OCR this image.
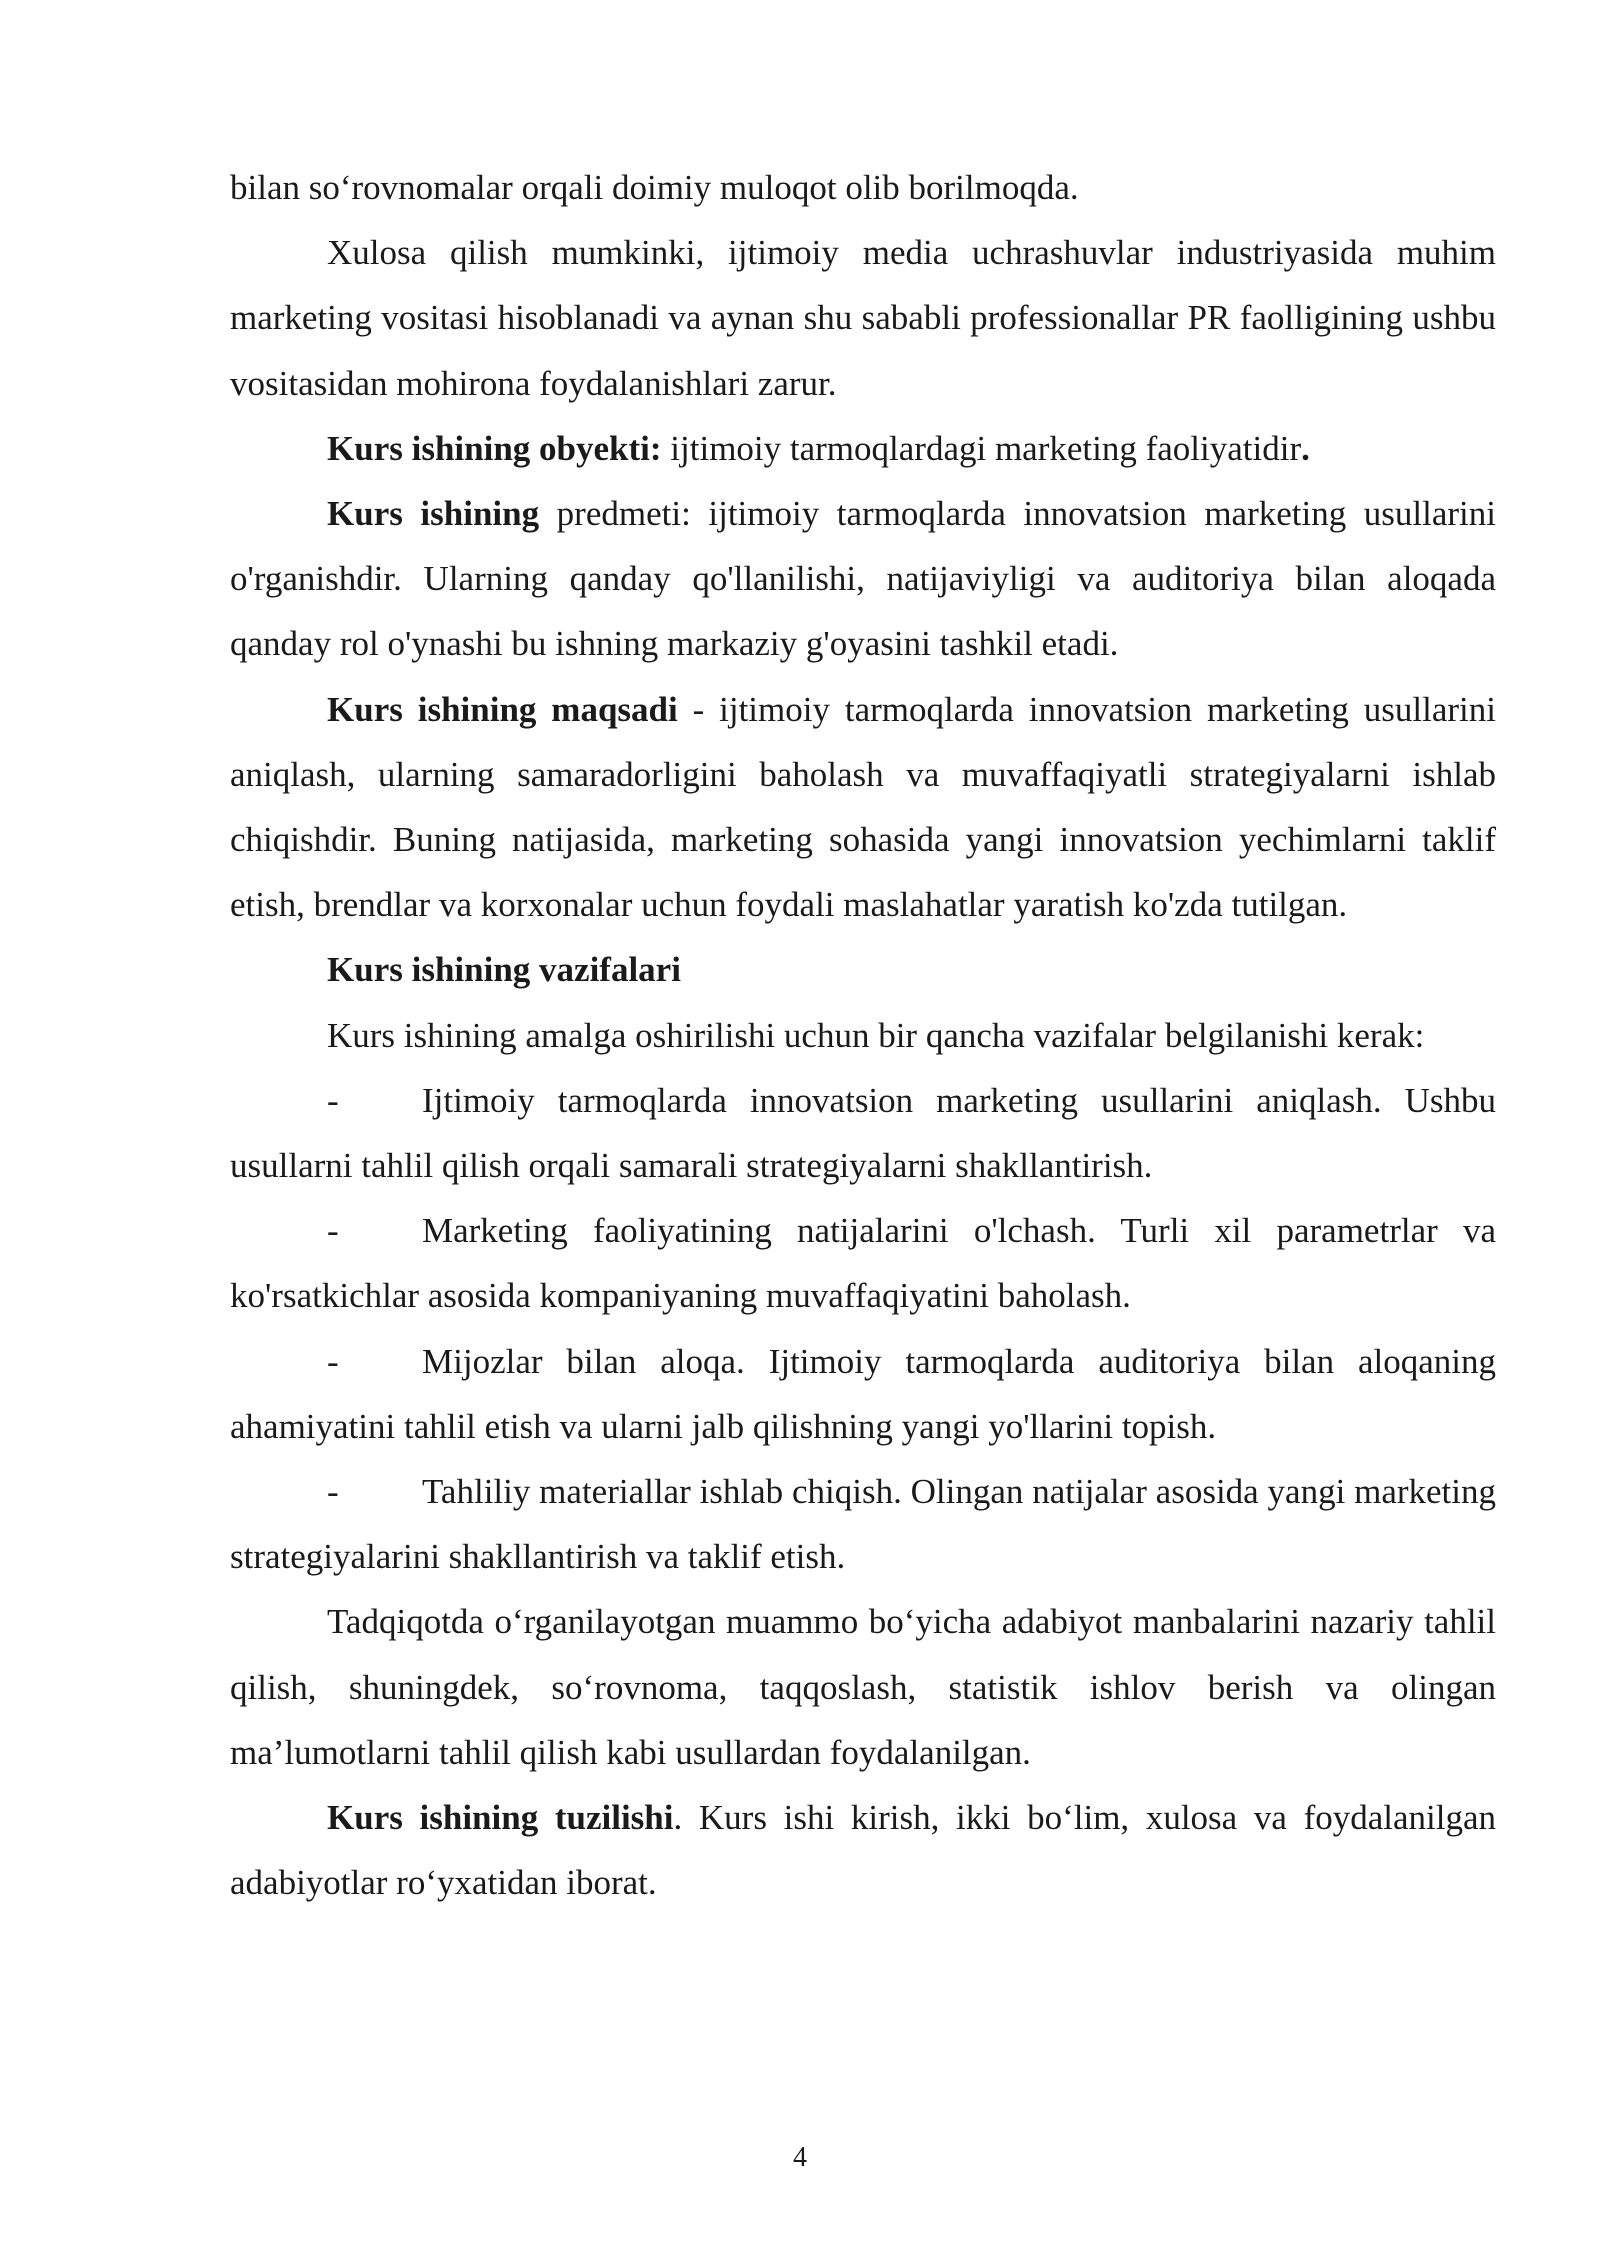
bilan so‘rovnomalar orqali doimiy muloqot olib borilmoqda.

Xulosa qilish mumkinki, ijtimoiy media uchrashuvlar industriyasida muhim marketing vositasi hisoblanadi va aynan shu sababli professionallar PR faolligining ushbu vositasidan mohirona foydalanishlari zarur.

Kurs ishining obyekti: ijtimoiy tarmoqlardagi marketing faoliyatidir.

Kurs ishining predmeti: ijtimoiy tarmoqlarda innovatsion marketing usullarini o'rganishdir. Ularning qanday qo'llanilishi, natijaviyligi va auditoriya bilan aloqada qanday rol o'ynashi bu ishning markaziy g'oyasini tashkil etadi.

Kurs ishining maqsadi - ijtimoiy tarmoqlarda innovatsion marketing usullarini aniqlash, ularning samaradorligini baholash va muvaffaqiyatli strategiyalarni ishlab chiqishdir. Buning natijasida, marketing sohasida yangi innovatsion yechimlarni taklif etish, brendlar va korxonalar uchun foydali maslahatlar yaratish ko'zda tutilgan.

Kurs ishining vazifalari

Kurs ishining amalga oshirilishi uchun bir qancha vazifalar belgilanishi kerak:

- Ijtimoiy tarmoqlarda innovatsion marketing usullarini aniqlash. Ushbu usullarni tahlil qilish orqali samarali strategiyalarni shakllantirish.

- Marketing faoliyatining natijalarini o'lchash. Turli xil parametrlar va ko'rsatkichlar asosida kompaniyaning muvaffaqiyatini baholash.

- Mijozlar bilan aloqa. Ijtimoiy tarmoqlarda auditoriya bilan aloqaning ahamiyatini tahlil etish va ularni jalb qilishning yangi yo'llarini topish.

- Tahliliy materiallar ishlab chiqish. Olingan natijalar asosida yangi marketing strategiyalarini shakllantirish va taklif etish.

Tadqiqotda o‘rganilayotgan muammo bo‘yicha adabiyot manbalarini nazariy tahlil qilish, shuningdek, so‘rovnoma, taqqoslash, statistik ishlov berish va olingan ma’lumotlarni tahlil qilish kabi usullardan foydalanilgan.

Kurs ishining tuzilishi. Kurs ishi kirish, ikki bo‘lim, xulosa va foydalanilgan adabiyotlar ro‘yxatidan iborat.

4
